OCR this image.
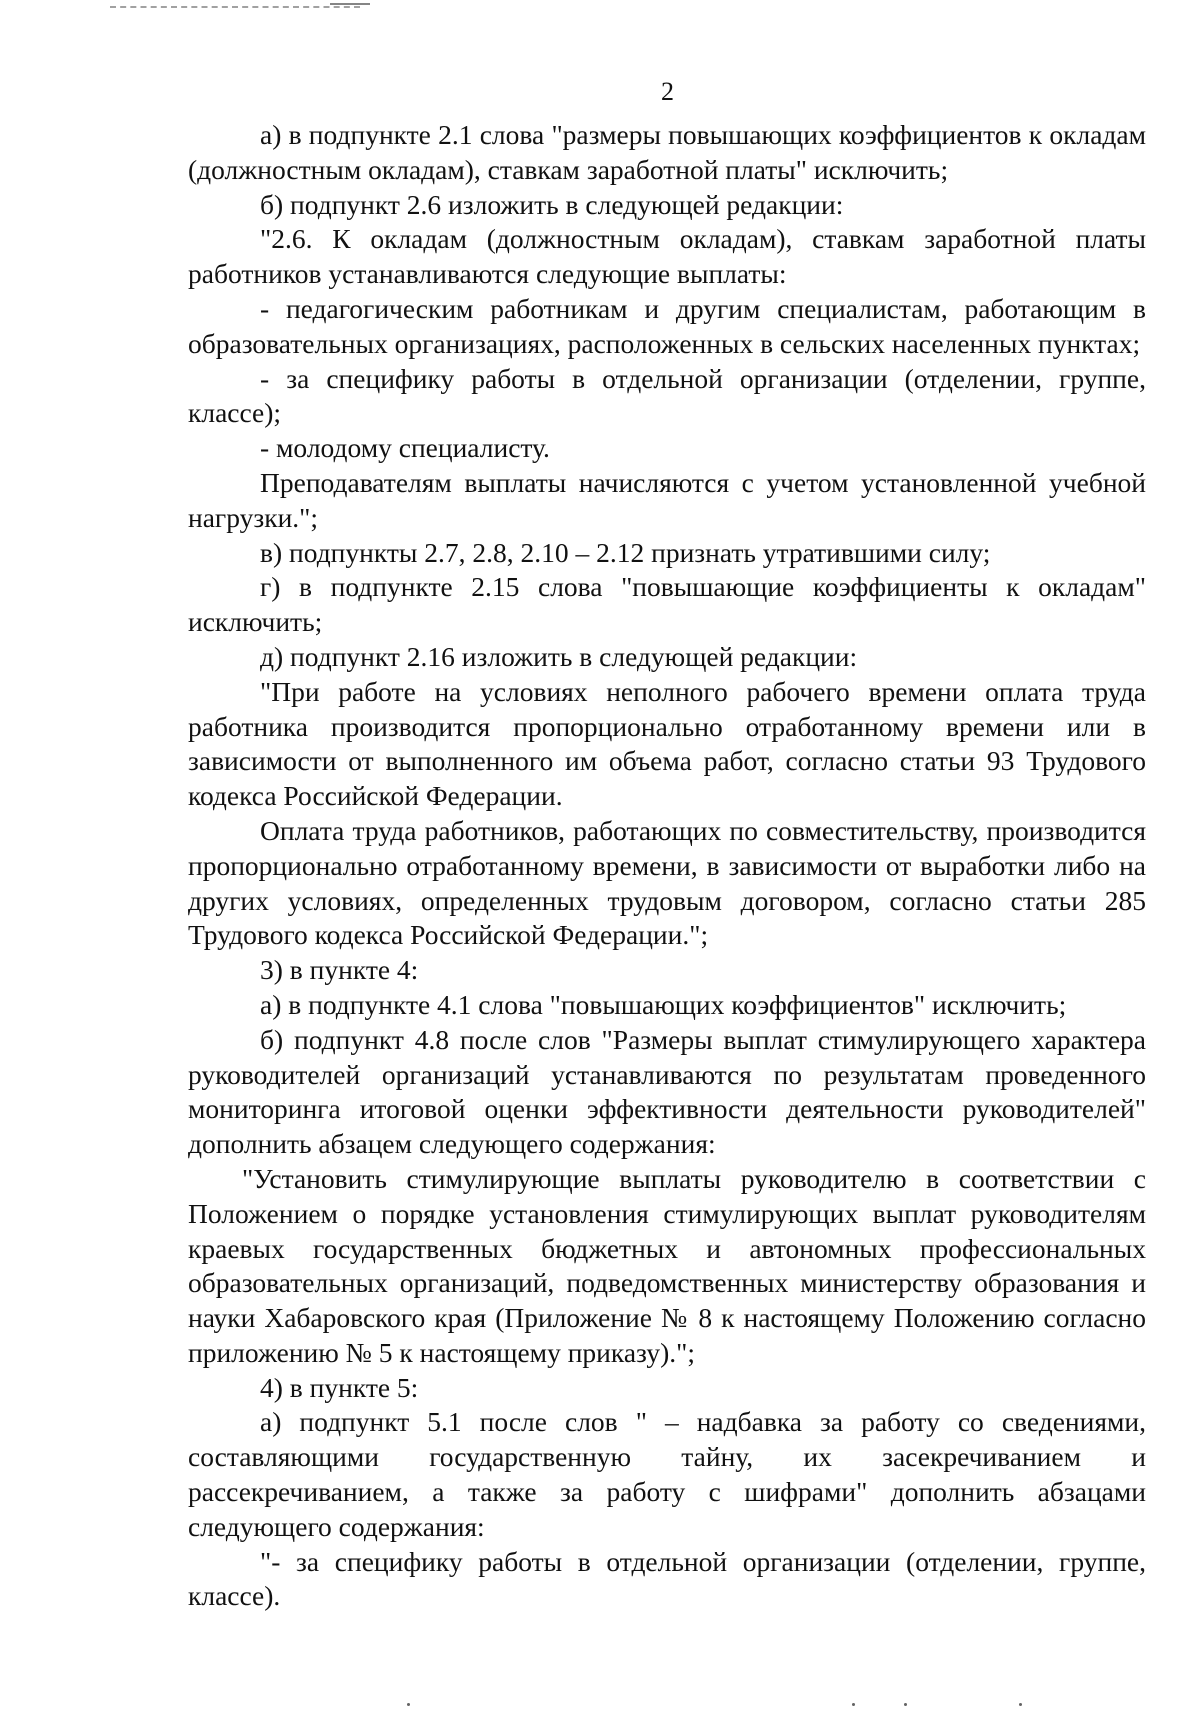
2

а) в подпункте 2.1 слова "размеры повышающих коэффициентов к окладам (должностным окладам), ставкам заработной платы" исключить;

б) подпункт 2.6 изложить в следующей редакции:

"2.6. К окладам (должностным окладам), ставкам заработной платы работников устанавливаются следующие выплаты:

- педагогическим работникам и другим специалистам, работающим в образовательных организациях, расположенных в сельских населенных пунктах;

- за специфику работы в отдельной организации (отделении, группе, классе);

- молодому специалисту.

Преподавателям выплаты начисляются с учетом установленной учебной нагрузки.";

в) подпункты 2.7, 2.8, 2.10 – 2.12 признать утратившими силу;

г) в подпункте 2.15 слова "повышающие коэффициенты к окладам" исключить;

д) подпункт 2.16 изложить в следующей редакции:

"При работе на условиях неполного рабочего времени оплата труда работника производится пропорционально отработанному времени или в зависимости от выполненного им объема работ, согласно статьи 93 Трудового кодекса Российской Федерации.

Оплата труда работников, работающих по совместительству, производится пропорционально отработанному времени, в зависимости от выработки либо на других условиях, определенных трудовым договором, согласно статьи 285 Трудового кодекса Российской Федерации.";

3) в пункте 4:

а) в подпункте 4.1 слова "повышающих коэффициентов" исключить;

б) подпункт 4.8 после слов "Размеры выплат стимулирующего характера руководителей организаций устанавливаются по результатам проведенного мониторинга итоговой оценки эффективности деятельности руководителей" дополнить абзацем следующего содержания:

"Установить стимулирующие выплаты руководителю в соответствии с Положением о порядке установления стимулирующих выплат руководителям краевых государственных бюджетных и автономных профессиональных образовательных организаций, подведомственных министерству образования и науки Хабаровского края (Приложение № 8 к настоящему Положению согласно приложению № 5 к настоящему приказу).";

4) в пункте 5:

а) подпункт 5.1 после слов " – надбавка за работу со сведениями, составляющими государственную тайну, их засекречиванием и рассекречиванием, а также за работу с шифрами" дополнить абзацами следующего содержания:

"- за специфику работы в отдельной организации (отделении, группе, классе).
